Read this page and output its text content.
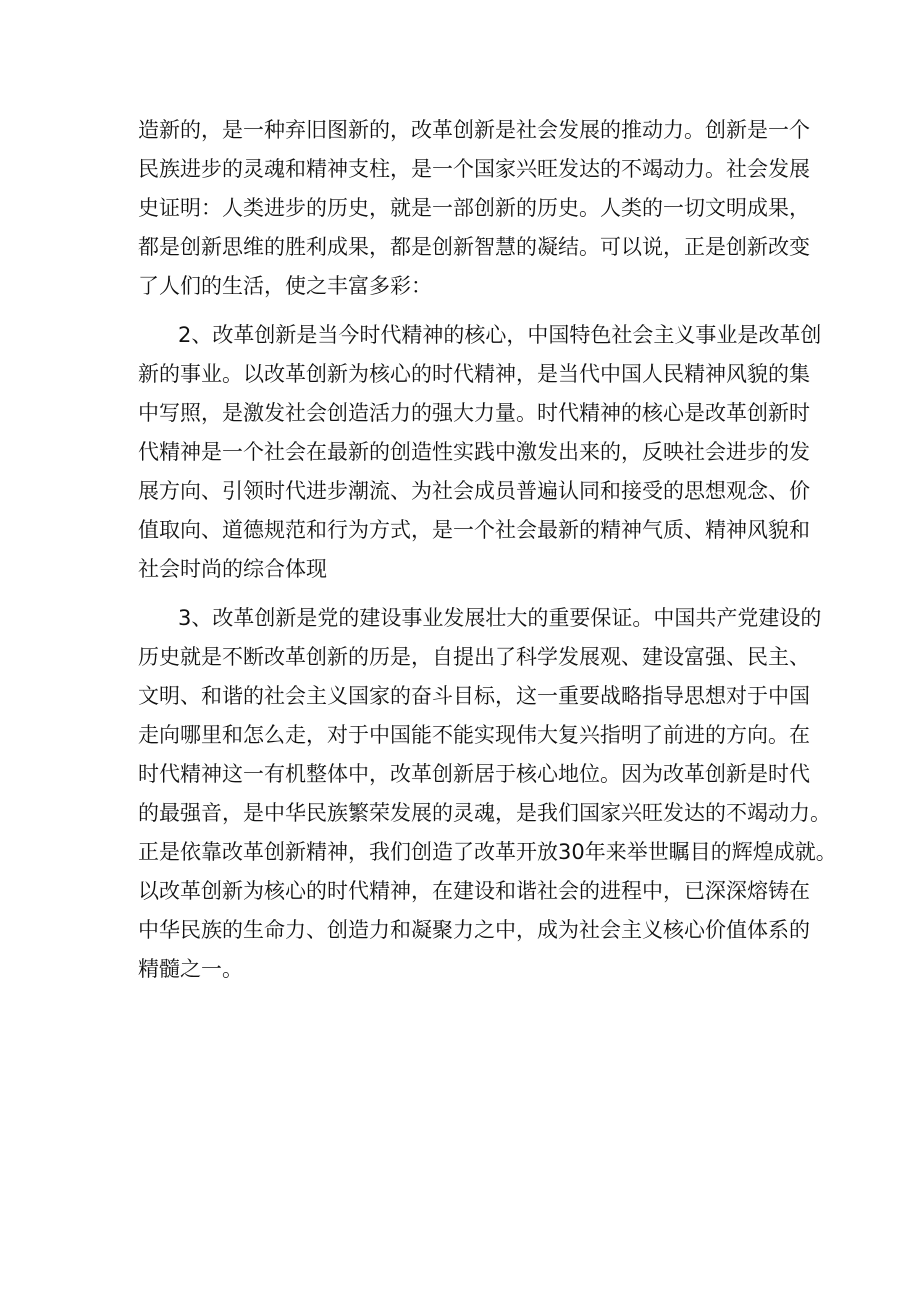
造新的，是一种弃旧图新的，改革创新是社会发展的推动力。创新是一个
民族进步的灵魂和精神支柱，是一个国家兴旺发达的不竭动力。社会发展
史证明：人类进步的历史，就是一部创新的历史。人类的一切文明成果，
都是创新思维的胜利成果，都是创新智慧的凝结。可以说，正是创新改变
了人们的生活，使之丰富多彩：
2、改革创新是当今时代精神的核心，中国特色社会主义事业是改革创
新的事业。以改革创新为核心的时代精神，是当代中国人民精神风貌的集
中写照，是激发社会创造活力的强大力量。时代精神的核心是改革创新时
代精神是一个社会在最新的创造性实践中激发出来的，反映社会进步的发
展方向、引领时代进步潮流、为社会成员普遍认同和接受的思想观念、价
值取向、道德规范和行为方式，是一个社会最新的精神气质、精神风貌和
社会时尚的综合体现
3、改革创新是党的建设事业发展壮大的重要保证。中国共产党建设的
历史就是不断改革创新的历是，自提出了科学发展观、建设富强、民主、
文明、和谐的社会主义国家的奋斗目标，这一重要战略指导思想对于中国
走向哪里和怎么走，对于中国能不能实现伟大复兴指明了前进的方向。在
时代精神这一有机整体中，改革创新居于核心地位。因为改革创新是时代
的最强音，是中华民族繁荣发展的灵魂，是我们国家兴旺发达的不竭动力。
正是依靠改革创新精神，我们创造了改革开放30年来举世瞩目的辉煌成就。
以改革创新为核心的时代精神，在建设和谐社会的进程中，已深深熔铸在
中华民族的生命力、创造力和凝聚力之中，成为社会主义核心价值体系的
精髓之一。
